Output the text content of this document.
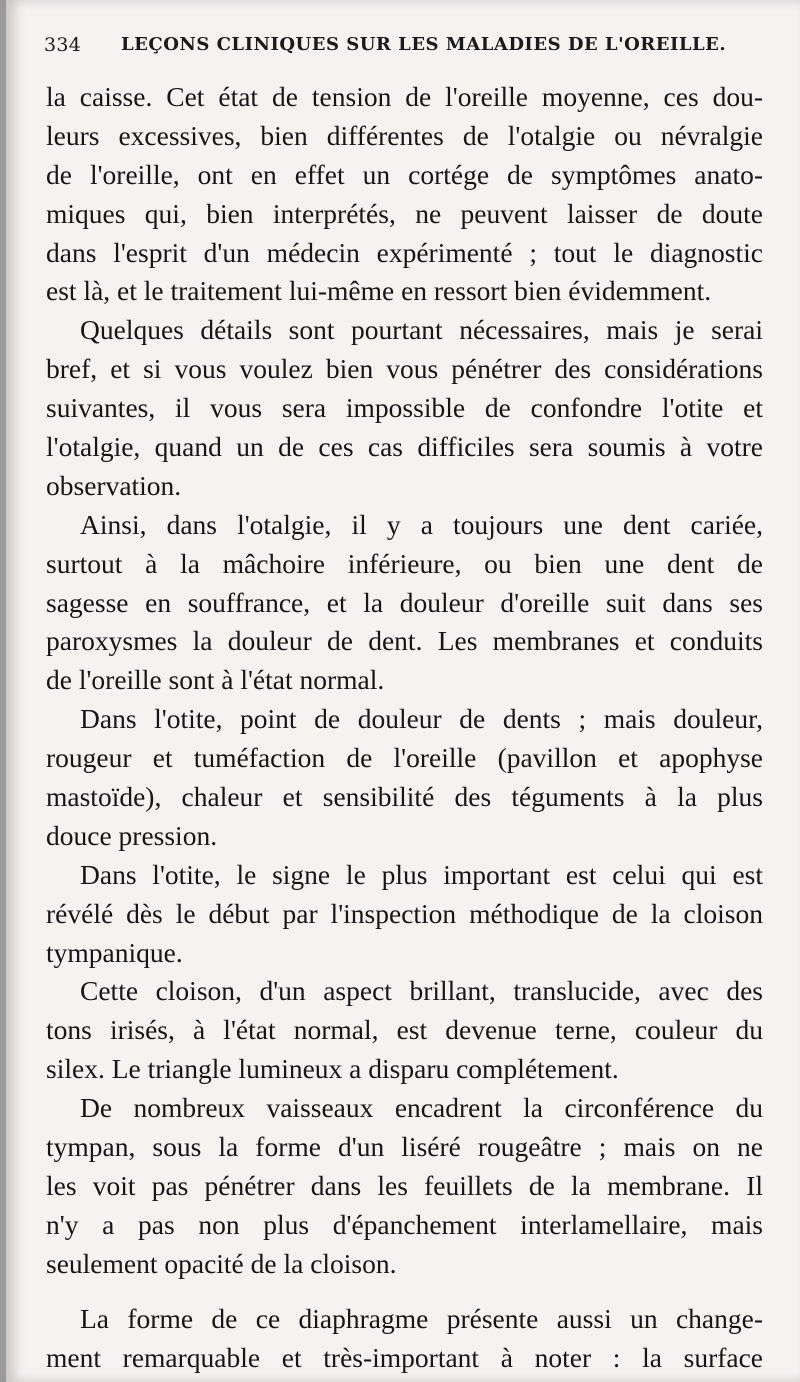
334 LEÇONS CLINIQUES SUR LES MALADIES DE L'OREILLE.
la caisse. Cet état de tension de l'oreille moyenne, ces dou-
leurs excessives, bien différentes de l'otalgie ou névralgie
de l'oreille, ont en effet un cortége de symptômes anato-
miques qui, bien interprétés, ne peuvent laisser de doute
dans l'esprit d'un médecin expérimenté ; tout le diagnostic
est là, et le traitement lui-même en ressort bien évidemment.
Quelques détails sont pourtant nécessaires, mais je serai
bref, et si vous voulez bien vous pénétrer des considérations
suivantes, il vous sera impossible de confondre l'otite et
l'otalgie, quand un de ces cas difficiles sera soumis à votre
observation.
Ainsi, dans l'otalgie, il y a toujours une dent cariée,
surtout à la mâchoire inférieure, ou bien une dent de
sagesse en souffrance, et la douleur d'oreille suit dans ses
paroxysmes la douleur de dent. Les membranes et conduits
de l'oreille sont à l'état normal.
Dans l'otite, point de douleur de dents ; mais douleur,
rougeur et tuméfaction de l'oreille (pavillon et apophyse
mastoïde), chaleur et sensibilité des téguments à la plus
douce pression.
Dans l'otite, le signe le plus important est celui qui est
révélé dès le début par l'inspection méthodique de la cloison
tympanique.
Cette cloison, d'un aspect brillant, translucide, avec des
tons irisés, à l'état normal, est devenue terne, couleur du
silex. Le triangle lumineux a disparu complétement.
De nombreux vaisseaux encadrent la circonférence du
tympan, sous la forme d'un liséré rougeâtre ; mais on ne
les voit pas pénétrer dans les feuillets de la membrane. Il
n'y a pas non plus d'épanchement interlamellaire, mais
seulement opacité de la cloison.
La forme de ce diaphragme présente aussi un change-
ment remarquable et très-important à noter : la surface
